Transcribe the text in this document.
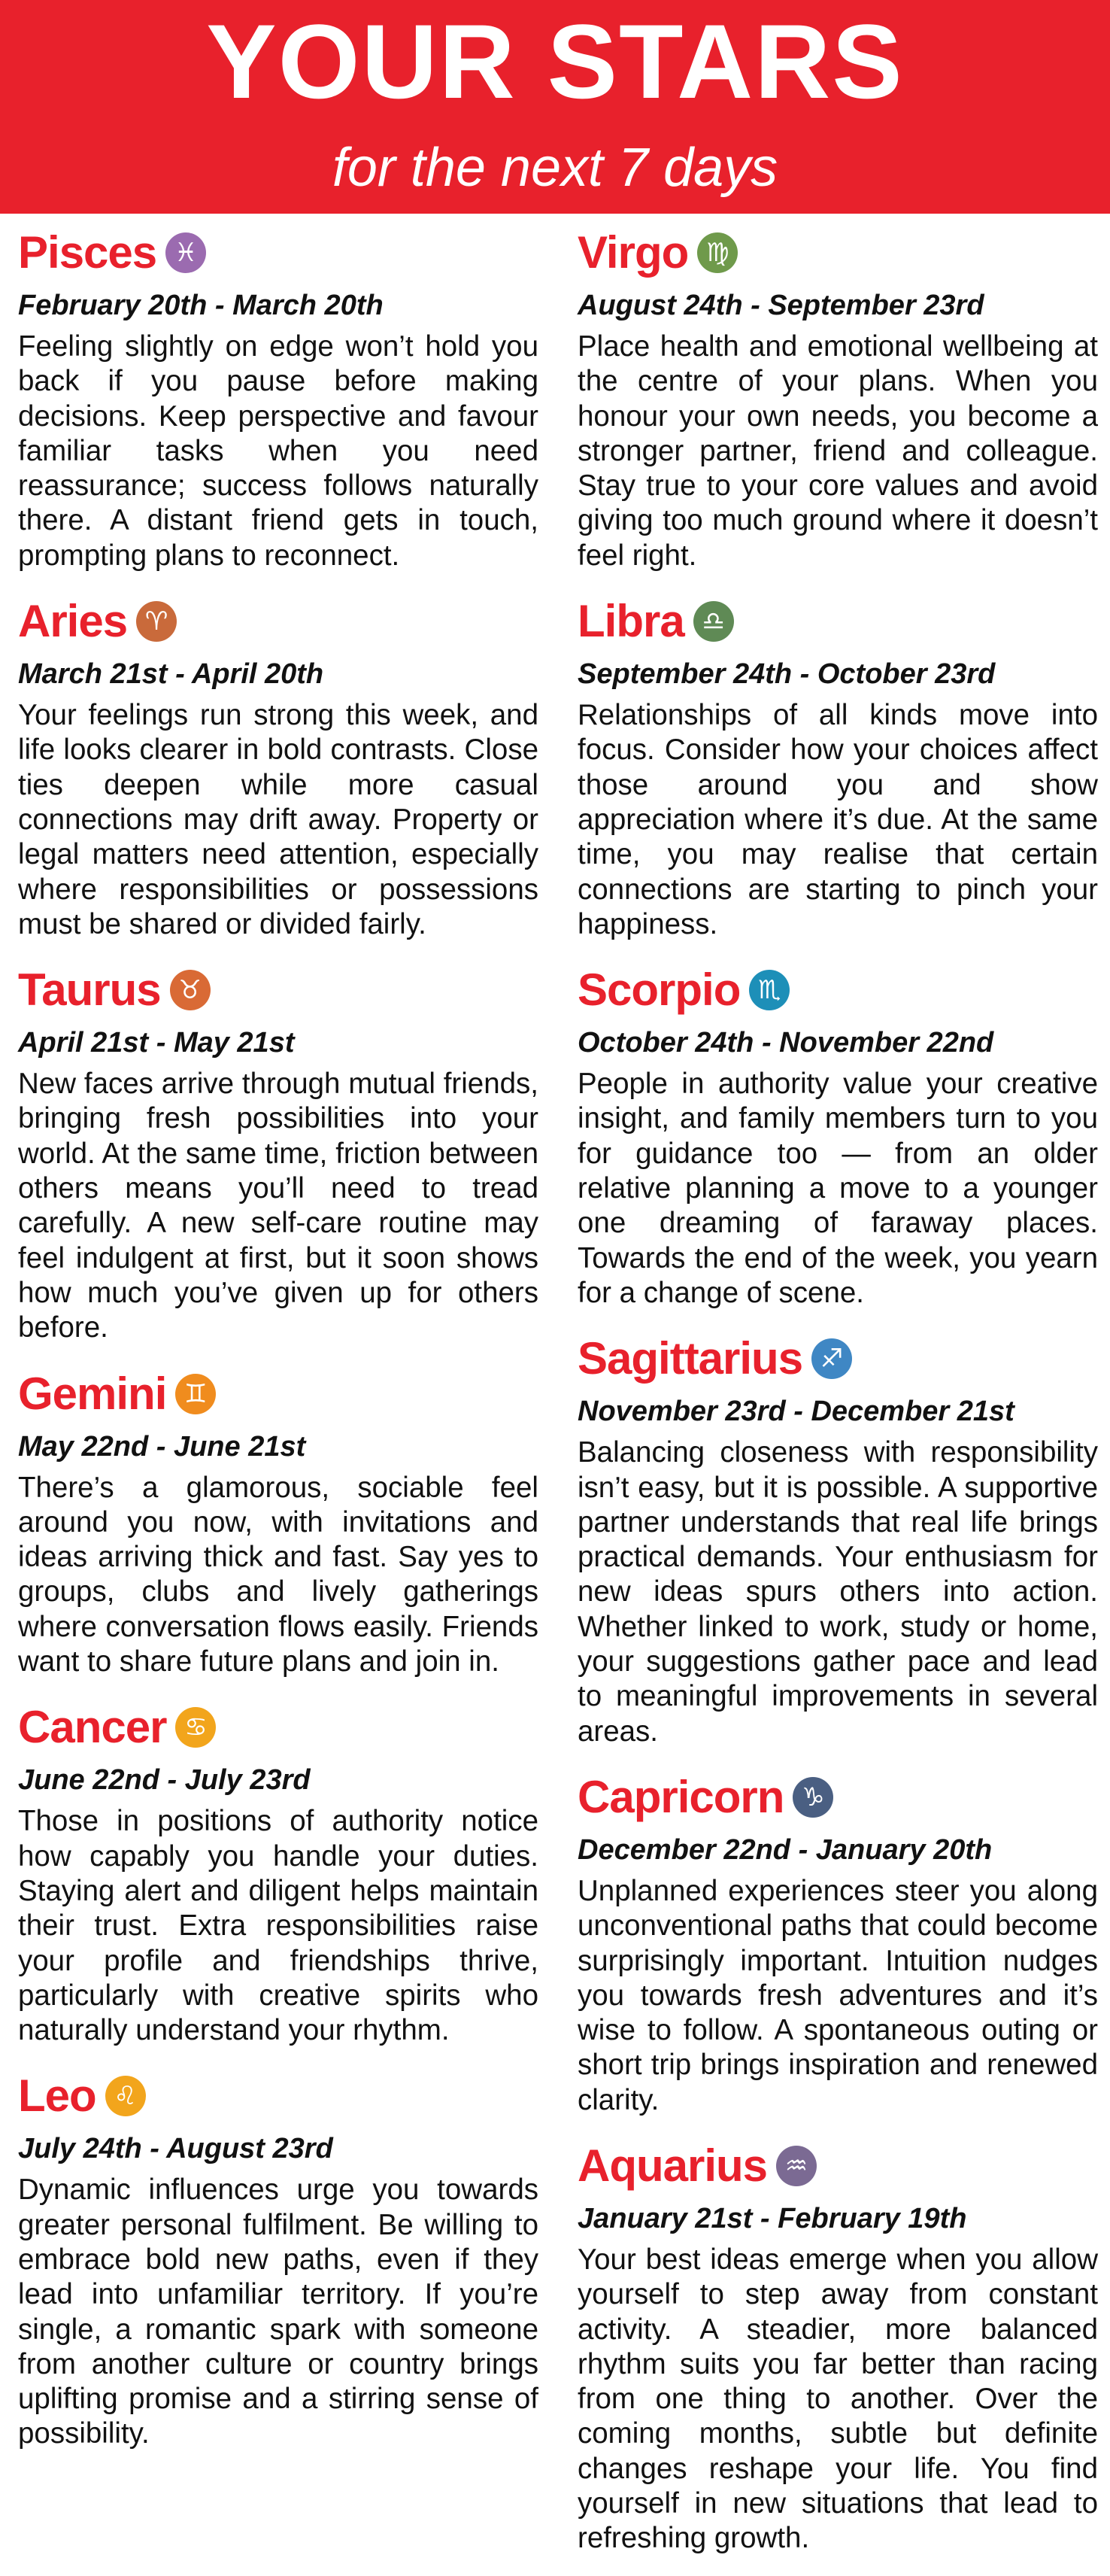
YOUR STARS
for the next 7 days
Pisces ♓
February 20th - March 20th

Feeling slightly on edge won’t hold you back if you pause before making decisions. Keep perspective and favour familiar tasks when you need reassurance; success follows naturally there. A distant friend gets in touch, prompting plans to reconnect.

Aries ♈
March 21st - April 20th

Your feelings run strong this week, and life looks clearer in bold contrasts. Close ties deepen while more casual connections may drift away. Property or legal matters need attention, especially where responsibilities or possessions must be shared or divided fairly.

Taurus ♉
April 21st - May 21st

New faces arrive through mutual friends, bringing fresh possibilities into your world. At the same time, friction between others means you’ll need to tread carefully. A new self-care routine may feel indulgent at first, but it soon shows how much you’ve given up for others before.

Gemini ♊
May 22nd - June 21st

There’s a glamorous, sociable feel around you now, with invitations and ideas arriving thick and fast. Say yes to groups, clubs and lively gatherings where conversation flows easily. Friends want to share future plans and join in.

Cancer ♋
June 22nd - July 23rd

Those in positions of authority notice how capably you handle your duties. Staying alert and diligent helps maintain their trust. Extra responsibilities raise your profile and friendships thrive, particularly with creative spirits who naturally understand your rhythm.

Leo ♌
July 24th - August 23rd

Dynamic influences urge you towards greater personal fulfilment. Be willing to embrace bold new paths, even if they lead into unfamiliar territory. If you’re single, a romantic spark with someone from another culture or country brings uplifting promise and a stirring sense of possibility.

Virgo ♍
August 24th - September 23rd

Place health and emotional wellbeing at the centre of your plans. When you honour your own needs, you become a stronger partner, friend and colleague. Stay true to your core values and avoid giving too much ground where it doesn’t feel right.

Libra ♎
September 24th - October 23rd

Relationships of all kinds move into focus. Consider how your choices affect those around you and show appreciation where it’s due. At the same time, you may realise that certain connections are starting to pinch your happiness.

Scorpio ♏
October 24th - November 22nd

People in authority value your creative insight, and family members turn to you for guidance too — from an older relative planning a move to a younger one dreaming of faraway places. Towards the end of the week, you yearn for a change of scene.

Sagittarius ♐
November 23rd - December 21st

Balancing closeness with responsibility isn’t easy, but it is possible. A supportive partner understands that real life brings practical demands. Your enthusiasm for new ideas spurs others into action. Whether linked to work, study or home, your suggestions gather pace and lead to meaningful improvements in several areas.

Capricorn ♑
December 22nd - January 20th

Unplanned experiences steer you along unconventional paths that could become surprisingly important. Intuition nudges you towards fresh adventures and it’s wise to follow. A spontaneous outing or short trip brings inspiration and renewed clarity.

Aquarius ♒
January 21st - February 19th

Your best ideas emerge when you allow yourself to step away from constant activity. A steadier, more balanced rhythm suits you far better than racing from one thing to another. Over the coming months, subtle but definite changes reshape your life. You find yourself in new situations that lead to refreshing growth.
